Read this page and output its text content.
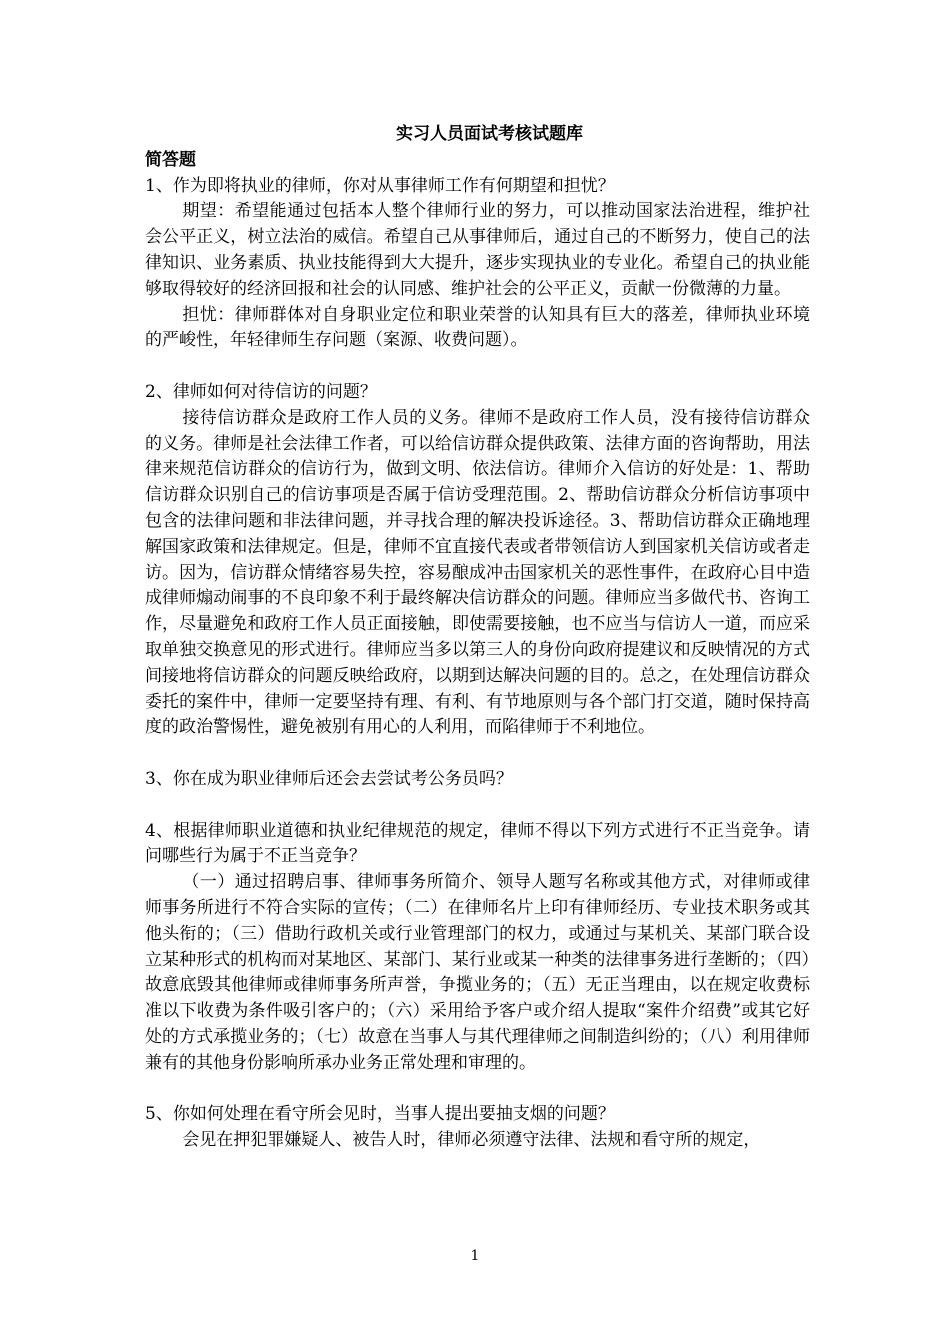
实习人员面试考核试题库

简答题

1、作为即将执业的律师，你对从事律师工作有何期望和担忧？

期望：希望能通过包括本人整个律师行业的努力，可以推动国家法治进程，维护社会公平正义，树立法治的威信。希望自己从事律师后，通过自己的不断努力，使自己的法律知识、业务素质、执业技能得到大大提升，逐步实现执业的专业化。希望自己的执业能够取得较好的经济回报和社会的认同感、维护社会的公平正义，贡献一份微薄的力量。

担忧：律师群体对自身职业定位和职业荣誉的认知具有巨大的落差，律师执业环境的严峻性，年轻律师生存问题（案源、收费问题）。

2、律师如何对待信访的问题？

接待信访群众是政府工作人员的义务。律师不是政府工作人员，没有接待信访群众的义务。律师是社会法律工作者，可以给信访群众提供政策、法律方面的咨询帮助，用法律来规范信访群众的信访行为，做到文明、依法信访。律师介入信访的好处是：1、帮助信访群众识别自己的信访事项是否属于信访受理范围。2、帮助信访群众分析信访事项中包含的法律问题和非法律问题，并寻找合理的解决投诉途径。3、帮助信访群众正确地理解国家政策和法律规定。但是，律师不宜直接代表或者带领信访人到国家机关信访或者走访。因为，信访群众情绪容易失控，容易酿成冲击国家机关的恶性事件，在政府心目中造成律师煽动闹事的不良印象不利于最终解决信访群众的问题。律师应当多做代书、咨询工作，尽量避免和政府工作人员正面接触，即使需要接触，也不应当与信访人一道，而应采取单独交换意见的形式进行。律师应当多以第三人的身份向政府提建议和反映情况的方式间接地将信访群众的问题反映给政府，以期到达解决问题的目的。总之，在处理信访群众委托的案件中，律师一定要坚持有理、有利、有节地原则与各个部门打交道，随时保持高度的政治警惕性，避免被别有用心的人利用，而陷律师于不利地位。

3、你在成为职业律师后还会去尝试考公务员吗？

4、根据律师职业道德和执业纪律规范的规定，律师不得以下列方式进行不正当竞争。请问哪些行为属于不正当竞争？

（一）通过招聘启事、律师事务所简介、领导人题写名称或其他方式，对律师或律师事务所进行不符合实际的宣传；（二）在律师名片上印有律师经历、专业技术职务或其他头衔的；（三）借助行政机关或行业管理部门的权力，或通过与某机关、某部门联合设立某种形式的机构而对某地区、某部门、某行业或某一种类的法律事务进行垄断的；（四）故意底毁其他律师或律师事务所声誉，争揽业务的；（五）无正当理由，以在规定收费标准以下收费为条件吸引客户的；（六）采用给予客户或介绍人提取“案件介绍费”或其它好处的方式承揽业务的；（七）故意在当事人与其代理律师之间制造纠纷的；（八）利用律师兼有的其他身份影响所承办业务正常处理和审理的。

5、你如何处理在看守所会见时，当事人提出要抽支烟的问题？

会见在押犯罪嫌疑人、被告人时，律师必须遵守法律、法规和看守所的规定，

1
